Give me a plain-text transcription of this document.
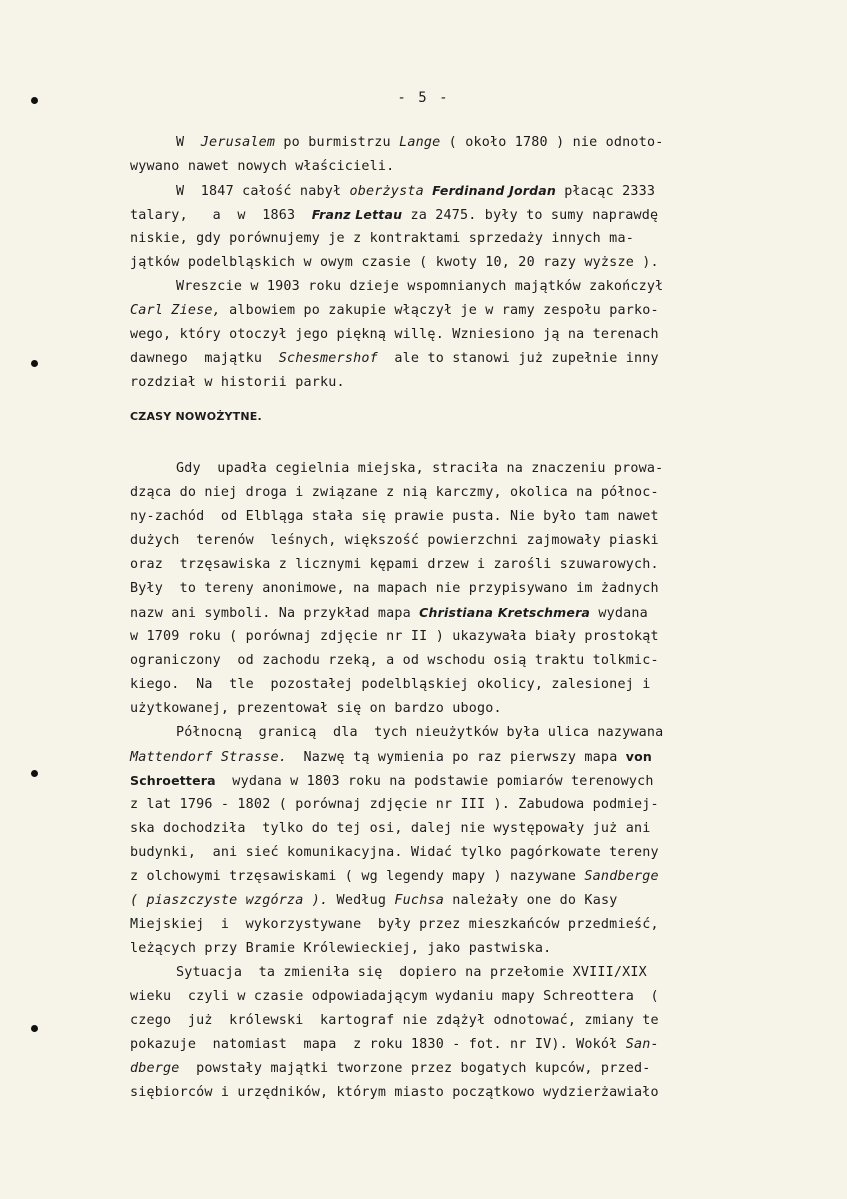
- 5 -
W  Jerusalem po burmistrzu Lange ( około 1780 ) nie odnoto-
wywano nawet nowych właścicieli.
W  1847 całość nabył oberżysta Ferdinand Jordan płacąc 2333
talary,   a  w  1863  Franz Lettau za 2475. były to sumy naprawdę
niskie, gdy porównujemy je z kontraktami sprzedaży innych ma-
jątków podelbląskich w owym czasie ( kwoty 10, 20 razy wyższe ).
Wreszcie w 1903 roku dzieje wspomnianych majątków zakończył
Carl Ziese, albowiem po zakupie włączył je w ramy zespołu parko-
wego, który otoczył jego piękną willę. Wzniesiono ją na terenach
dawnego  majątku  Schesmershof  ale to stanowi już zupełnie inny
rozdział w historii parku.
CZASY NOWOŻYTNE.
Gdy  upadła cegielnia miejska, straciła na znaczeniu prowa-
dząca do niej droga i związane z nią karczmy, okolica na północ-
ny-zachód  od Elbląga stała się prawie pusta. Nie było tam nawet
dużych  terenów  leśnych, większość powierzchni zajmowały piaski
oraz  trzęsawiska z licznymi kępami drzew i zarośli szuwarowych.
Były  to tereny anonimowe, na mapach nie przypisywano im żadnych
nazw ani symboli. Na przykład mapa Christiana Kretschmera wydana
w 1709 roku ( porównaj zdjęcie nr II ) ukazywała biały prostokąt
ograniczony  od zachodu rzeką, a od wschodu osią traktu tolkmic-
kiego.  Na  tle  pozostałej podelbląskiej okolicy, zalesionej i
użytkowanej, prezentował się on bardzo ubogo.
Północną  granicą  dla  tych nieużytków była ulica nazywana
Mattendorf Strasse.  Nazwę tą wymienia po raz pierwszy mapa von
Schroettera  wydana w 1803 roku na podstawie pomiarów terenowych
z lat 1796 - 1802 ( porównaj zdjęcie nr III ). Zabudowa podmiej-
ska dochodziła  tylko do tej osi, dalej nie występowały już ani
budynki,  ani sieć komunikacyjna. Widać tylko pagórkowate tereny
z olchowymi trzęsawiskami ( wg legendy mapy ) nazywane Sandberge
( piaszczyste wzgórza ). Według Fuchsa należały one do Kasy
Miejskiej  i  wykorzystywane  były przez mieszkańców przedmieść,
leżących przy Bramie Królewieckiej, jako pastwiska.
Sytuacja  ta zmieniła się  dopiero na przełomie XVIII/XIX
wieku  czyli w czasie odpowiadającym wydaniu mapy Schreottera  (
czego  już  królewski  kartograf nie zdążył odnotować, zmiany te
pokazuje  natomiast  mapa  z roku 1830 - fot. nr IV). Wokół San-
dberge  powstały majątki tworzone przez bogatych kupców, przed-
siębiorców i urzędników, którym miasto początkowo wydzierżawiało
